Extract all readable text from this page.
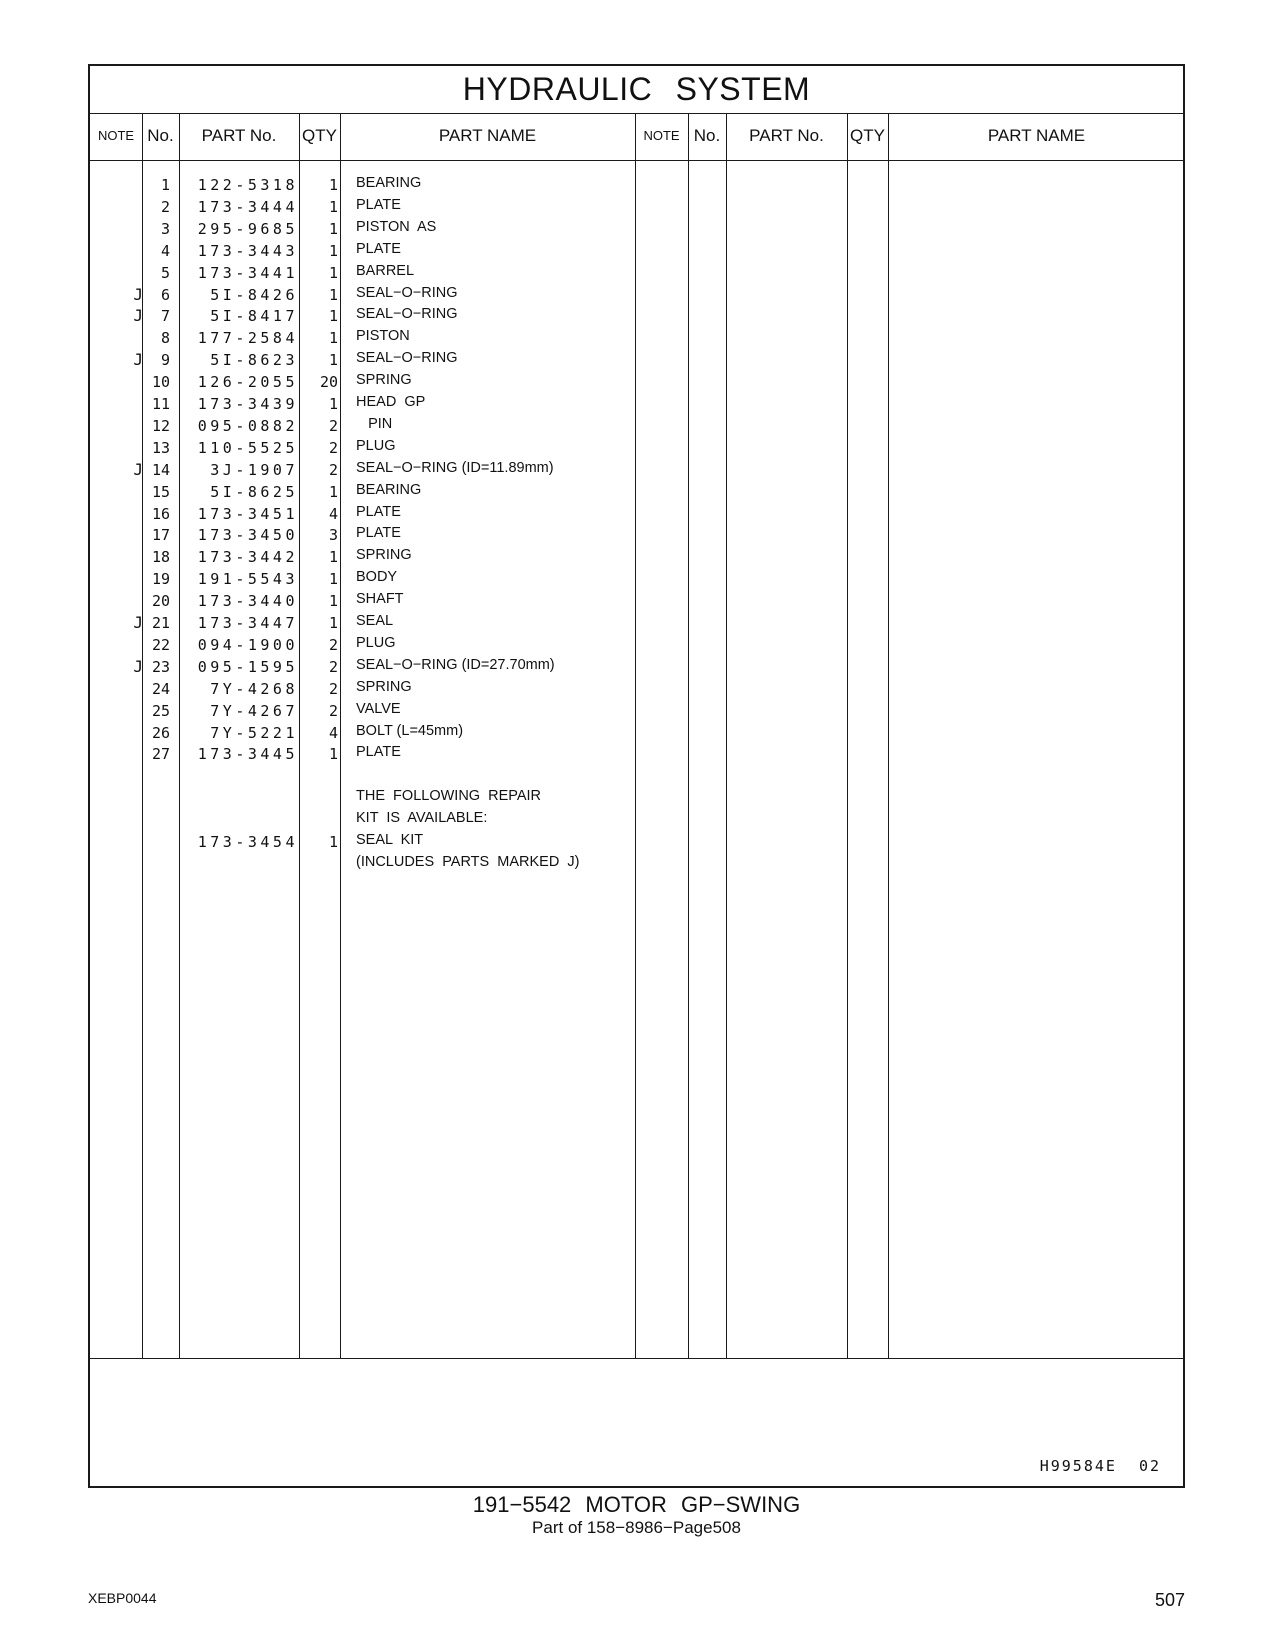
HYDRAULIC SYSTEM
NOTE No.	PART No.	QTY	PART NAME	NOTE No.	PART No.	QTY	PART NAME
1	122-5318	1 BEARING
2	173-3444	1 PLATE
3	295-9685	1 PISTON  AS
4	173-3443	1 PLATE
5	173-3441	1 BARREL
J	6	5I-8426	1 SEAL−O−RING
J	7	5I-8417	1 SEAL−O−RING
8	177-2584	1 PISTON
J	9	5I-8623	1 SEAL−O−RING
10	126-2055	20 SPRING
11	173-3439	1 HEAD  GP
12	095-0882	2 PIN
13	110-5525	2 PLUG
J 14	3J-1907	2 SEAL−O−RING (ID=11.89mm)
15	5I-8625	1 BEARING
16	173-3451	4 PLATE
17	173-3450	3 PLATE
18	173-3442	1 SPRING
19	191-5543	1 BODY
20	173-3440	1 SHAFT
J 21	173-3447	1 SEAL
22	094-1900	2 PLUG
J 23	095-1595	2 SEAL−O−RING (ID=27.70mm)
24	7Y-4268	2 SPRING
25	7Y-4267	2 VALVE
26	7Y-5221	4 BOLT (L=45mm)
27	173-3445	1 PLATE
THE  FOLLOWING  REPAIR
KIT  IS  AVAILABLE:
173-3454	1 SEAL  KIT
(INCLUDES  PARTS  MARKED  J)
H99584E 02
191−5542 MOTOR GP−SWING
Part of 158−8986−Page508
XEBP0044	507
